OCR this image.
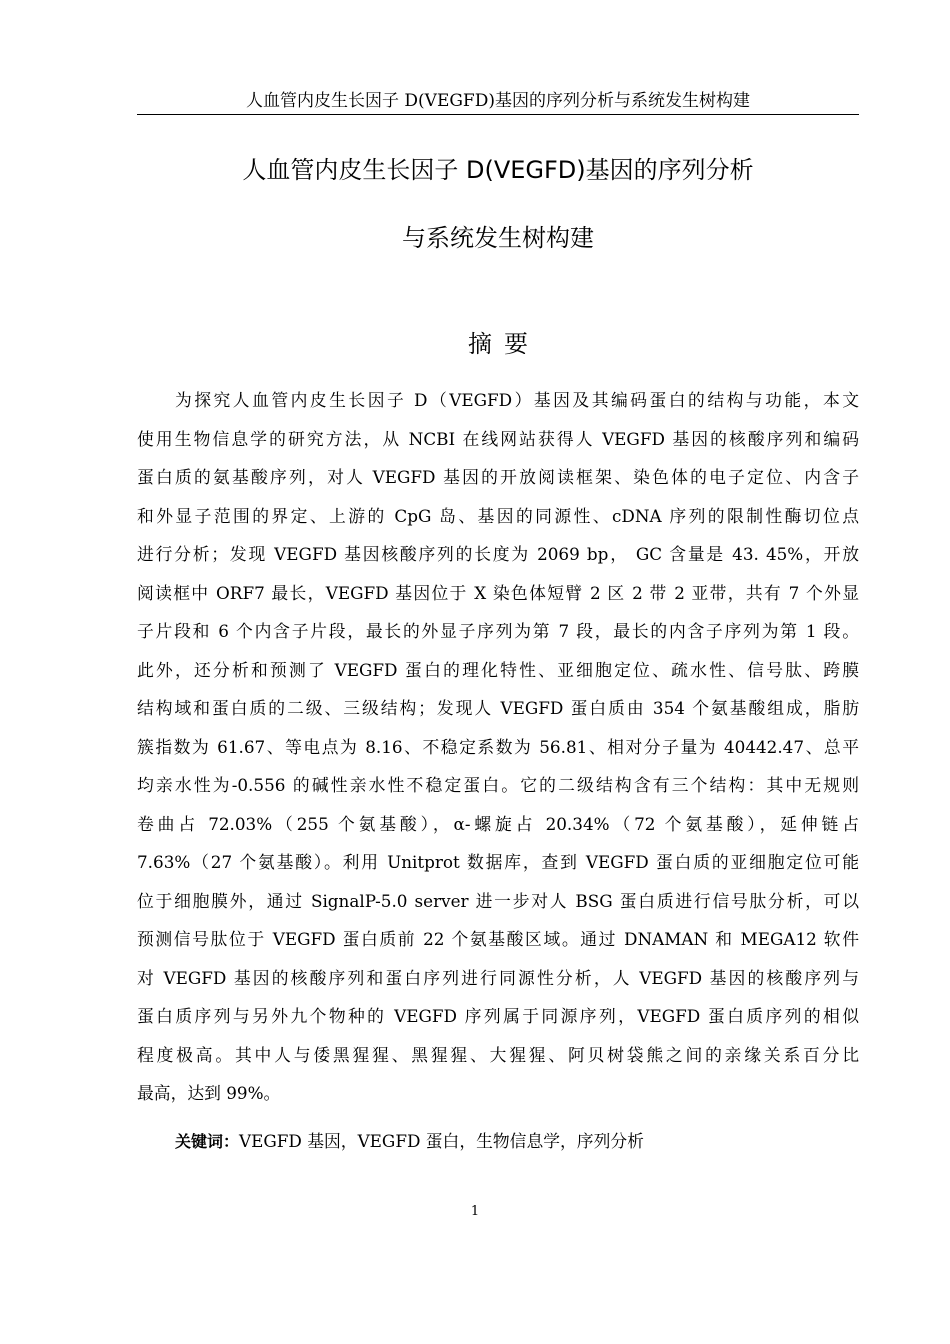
人血管内皮生长因子 D(VEGFD)基因的序列分析与系统发生树构建
人血管内皮生长因子 D(VEGFD)基因的序列分析
与系统发生树构建
摘要
为探究人血管内皮生长因子 D（VEGFD）基因及其编码蛋白的结构与功能，本文
使用生物信息学的研究方法，从 NCBI 在线网站获得人 VEGFD 基因的核酸序列和编码
蛋白质的氨基酸序列，对人 VEGFD 基因的开放阅读框架、染色体的电子定位、内含子
和外显子范围的界定、上游的 CpG 岛、基因的同源性、cDNA 序列的限制性酶切位点
进行分析；发现 VEGFD 基因核酸序列的长度为 2069 bp， GC 含量是 43. 45%，开放
阅读框中 ORF7 最长，VEGFD 基因位于 X 染色体短臂 2 区 2 带 2 亚带，共有 7 个外显
子片段和 6 个内含子片段，最长的外显子序列为第 7 段，最长的内含子序列为第 1 段。
此外，还分析和预测了 VEGFD 蛋白的理化特性、亚细胞定位、疏水性、信号肽、跨膜
结构域和蛋白质的二级、三级结构；发现人 VEGFD 蛋白质由 354 个氨基酸组成，脂肪
簇指数为 61.67、等电点为 8.16、不稳定系数为 56.81、相对分子量为 40442.47、总平
均亲水性为-0.556 的碱性亲水性不稳定蛋白。它的二级结构含有三个结构：其中无规则
卷曲占 72.03%（255 个氨基酸），α-螺旋占 20.34%（72 个氨基酸），延伸链占
7.63%（27 个氨基酸）。利用 Unitprot 数据库，查到 VEGFD 蛋白质的亚细胞定位可能
位于细胞膜外，通过 SignalP-5.0 server 进一步对人 BSG 蛋白质进行信号肽分析，可以
预测信号肽位于 VEGFD 蛋白质前 22 个氨基酸区域。通过 DNAMAN 和 MEGA12 软件
对 VEGFD 基因的核酸序列和蛋白序列进行同源性分析，人 VEGFD 基因的核酸序列与
蛋白质序列与另外九个物种的 VEGFD 序列属于同源序列，VEGFD 蛋白质序列的相似
程度极高。其中人与倭黑猩猩、黑猩猩、大猩猩、阿贝树袋熊之间的亲缘关系百分比
最高，达到 99%。
关键词：VEGFD 基因，VEGFD 蛋白，生物信息学，序列分析
1
